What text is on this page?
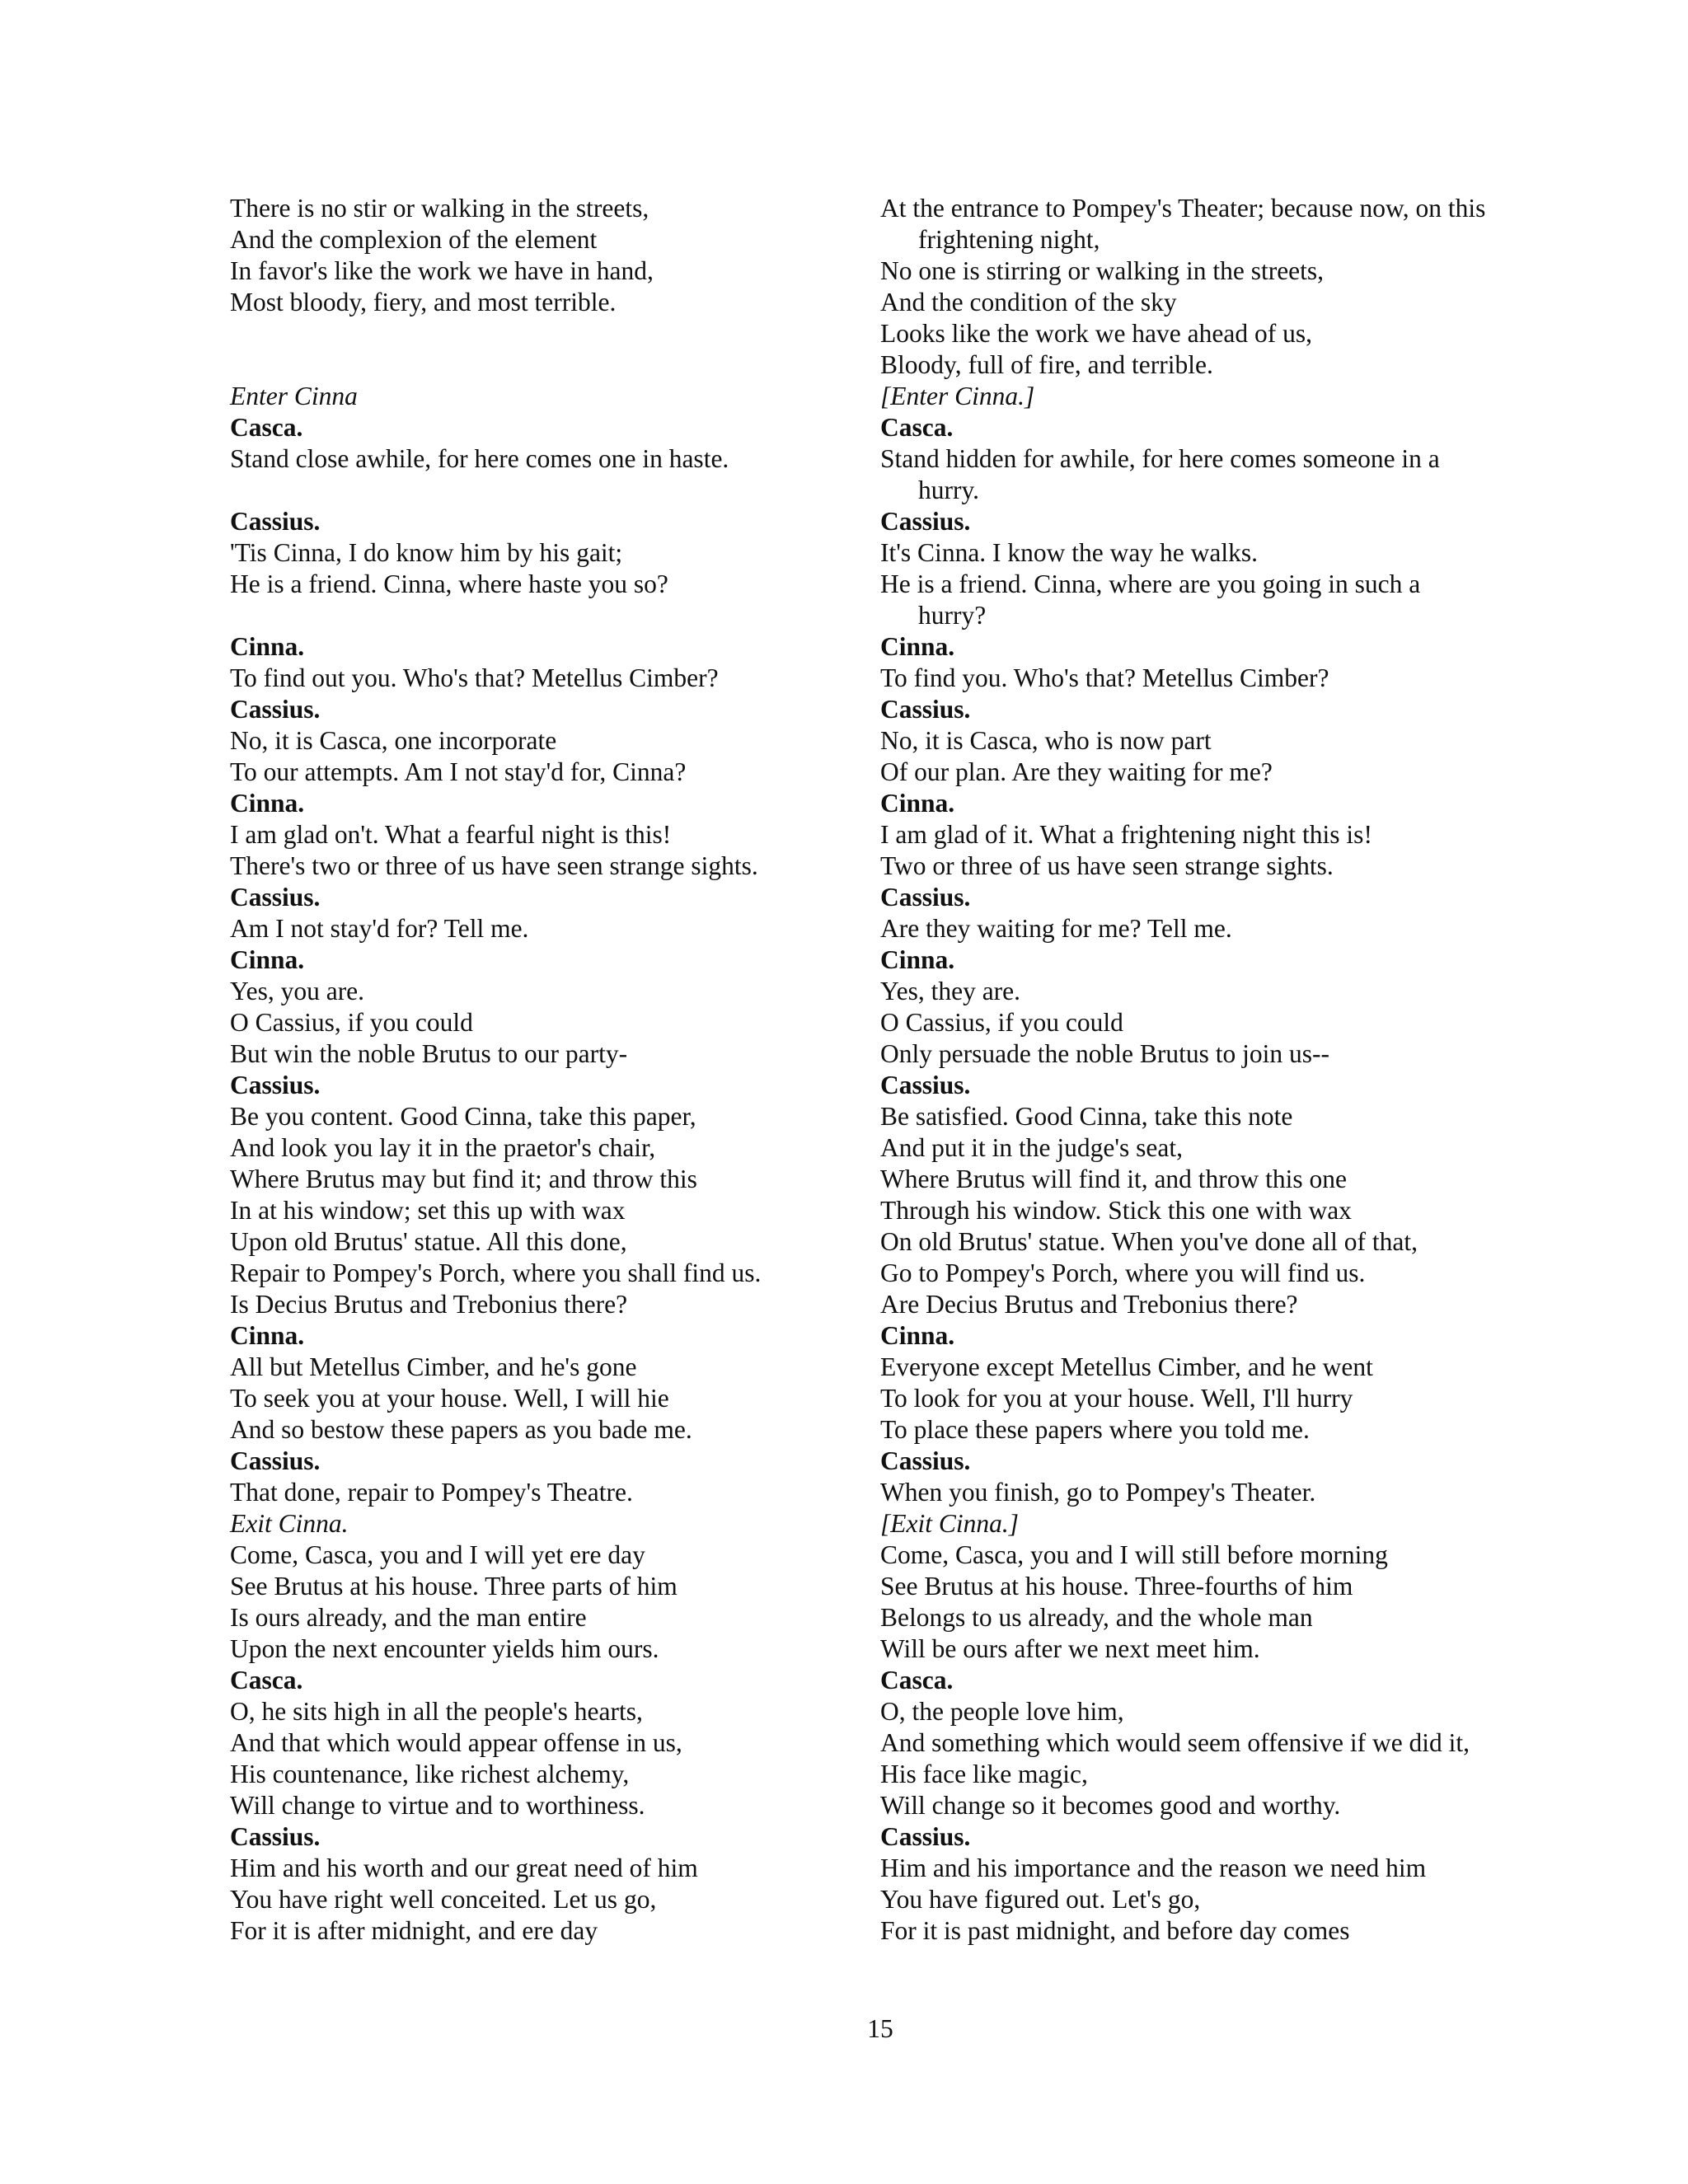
There is no stir or walking in the streets,
And the complexion of the element
In favor's like the work we have in hand,
Most bloody, fiery, and most terrible.
Enter Cinna
Casca.
Stand close awhile, for here comes one in haste.
Cassius.
'Tis Cinna, I do know him by his gait;
He is a friend. Cinna, where haste you so?
Cinna.
To find out you. Who's that? Metellus Cimber?
Cassius.
No, it is Casca, one incorporate
To our attempts. Am I not stay'd for, Cinna?
Cinna.
I am glad on't. What a fearful night is this!
There's two or three of us have seen strange sights.
Cassius.
Am I not stay'd for? Tell me.
Cinna.
Yes, you are.
O Cassius, if you could
But win the noble Brutus to our party-
Cassius.
Be you content. Good Cinna, take this paper,
And look you lay it in the praetor's chair,
Where Brutus may but find it; and throw this
In at his window; set this up with wax
Upon old Brutus' statue. All this done,
Repair to Pompey's Porch, where you shall find us.
Is Decius Brutus and Trebonius there?
Cinna.
All but Metellus Cimber, and he's gone
To seek you at your house. Well, I will hie
And so bestow these papers as you bade me.
Cassius.
That done, repair to Pompey's Theatre.
Exit Cinna.
Come, Casca, you and I will yet ere day
See Brutus at his house. Three parts of him
Is ours already, and the man entire
Upon the next encounter yields him ours.
Casca.
O, he sits high in all the people's hearts,
And that which would appear offense in us,
His countenance, like richest alchemy,
Will change to virtue and to worthiness.
Cassius.
Him and his worth and our great need of him
You have right well conceited. Let us go,
For it is after midnight, and ere day
At the entrance to Pompey's Theater; because now, on this
frightening night,
No one is stirring or walking in the streets,
And the condition of the sky
Looks like the work we have ahead of us,
Bloody, full of fire, and terrible.
[Enter Cinna.]
Casca.
Stand hidden for awhile, for here comes someone in a
hurry.
Cassius.
It's Cinna. I know the way he walks.
He is a friend. Cinna, where are you going in such a
hurry?
Cinna.
To find you. Who's that? Metellus Cimber?
Cassius.
No, it is Casca, who is now part
Of our plan. Are they waiting for me?
Cinna.
I am glad of it. What a frightening night this is!
Two or three of us have seen strange sights.
Cassius.
Are they waiting for me? Tell me.
Cinna.
Yes, they are.
O Cassius, if you could
Only persuade the noble Brutus to join us--
Cassius.
Be satisfied. Good Cinna, take this note
And put it in the judge's seat,
Where Brutus will find it, and throw this one
Through his window. Stick this one with wax
On old Brutus' statue. When you've done all of that,
Go to Pompey's Porch, where you will find us.
Are Decius Brutus and Trebonius there?
Cinna.
Everyone except Metellus Cimber, and he went
To look for you at your house. Well, I'll hurry
To place these papers where you told me.
Cassius.
When you finish, go to Pompey's Theater.
[Exit Cinna.]
Come, Casca, you and I will still before morning
See Brutus at his house. Three-fourths of him
Belongs to us already, and the whole man
Will be ours after we next meet him.
Casca.
O, the people love him,
And something which would seem offensive if we did it,
His face like magic,
Will change so it becomes good and worthy.
Cassius.
Him and his importance and the reason we need him
You have figured out. Let's go,
For it is past midnight, and before day comes
15
